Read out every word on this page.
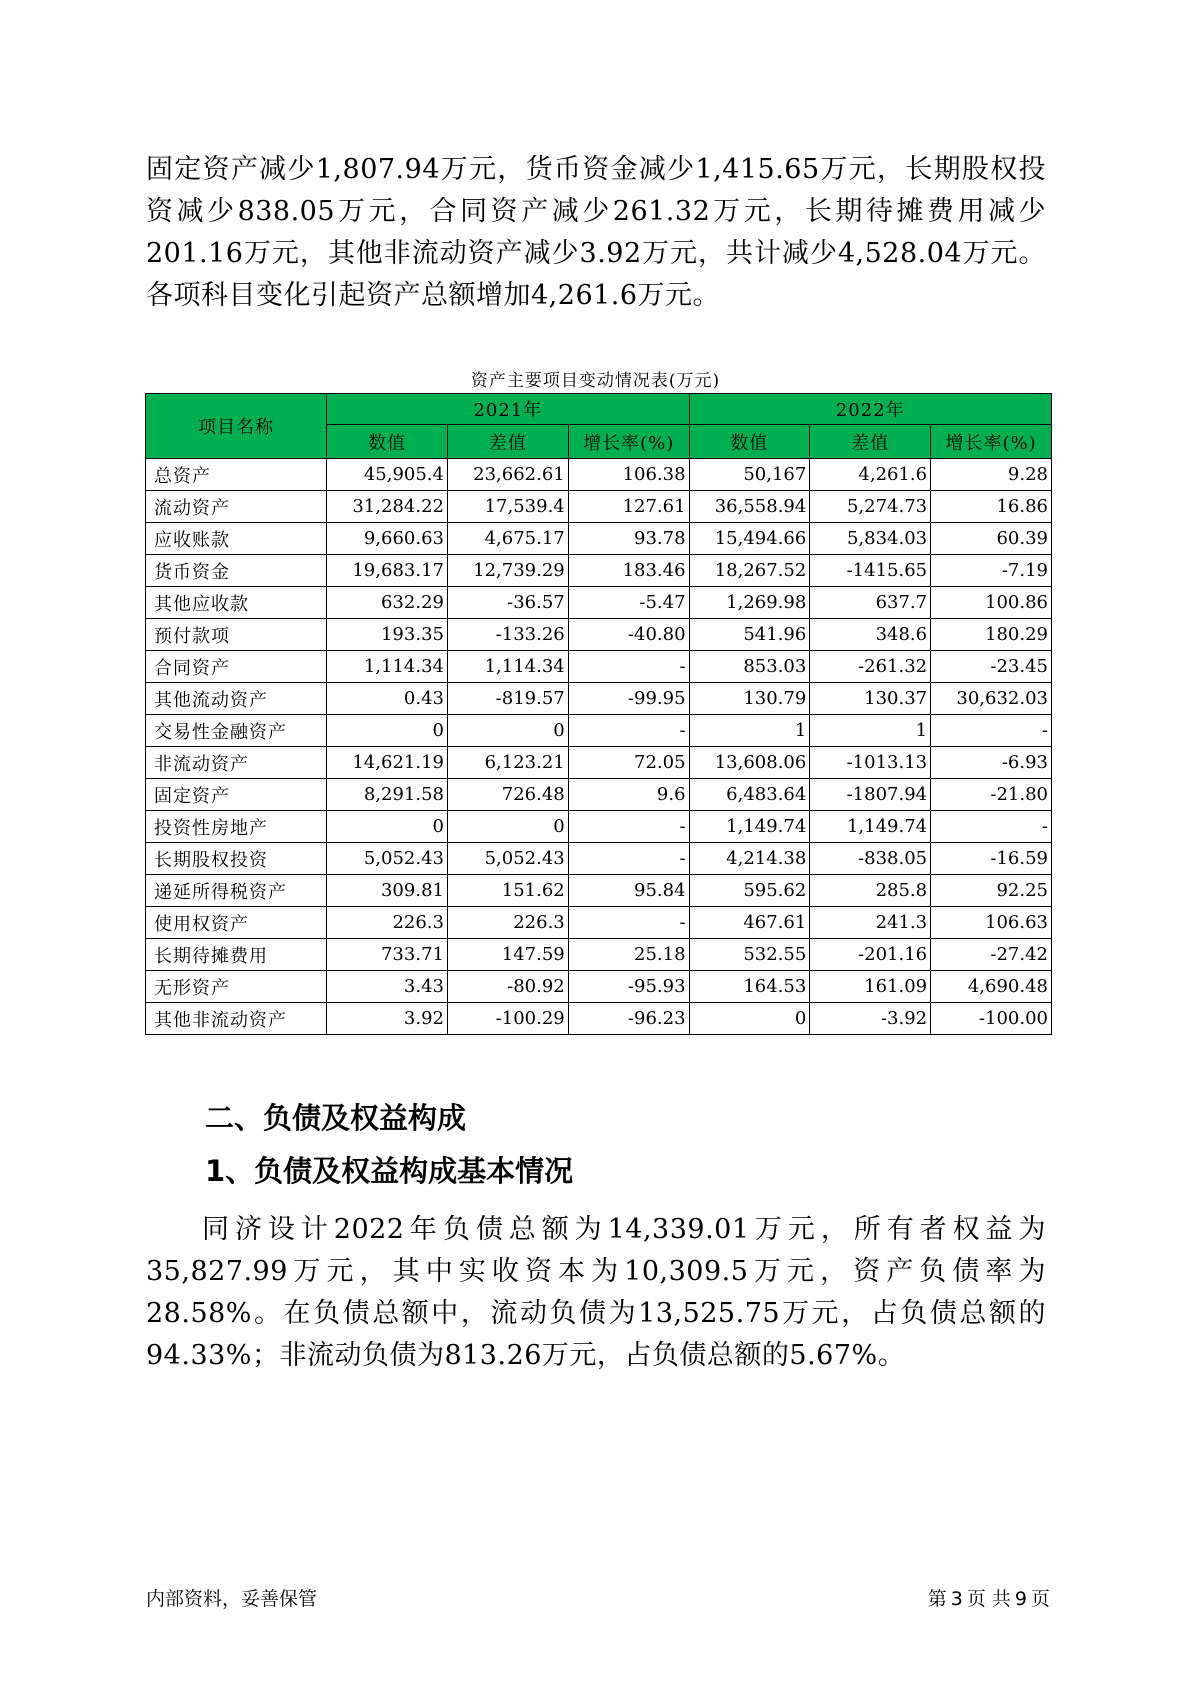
固定资产减少1,807.94万元，货币资金减少1,415.65万元，长期股权投资减少838.05万元，合同资产减少261.32万元，长期待摊费用减少201.16万元，其他非流动资产减少3.92万元，共计减少4,528.04万元。各项科目变化引起资产总额增加4,261.6万元。

资产主要项目变动情况表(万元)
项目名称	2021年			2022年		
	数值	差值	增长率(%)	数值	差值	增长率(%)
总资产	45,905.4	23,662.61	106.38	50,167	4,261.6	9.28
流动资产	31,284.22	17,539.4	127.61	36,558.94	5,274.73	16.86
应收账款	9,660.63	4,675.17	93.78	15,494.66	5,834.03	60.39
货币资金	19,683.17	12,739.29	183.46	18,267.52	-1415.65	-7.19
其他应收款	632.29	-36.57	-5.47	1,269.98	637.7	100.86
预付款项	193.35	-133.26	-40.80	541.96	348.6	180.29
合同资产	1,114.34	1,114.34	-	853.03	-261.32	-23.45
其他流动资产	0.43	-819.57	-99.95	130.79	130.37	30,632.03
交易性金融资产	0	0	-	1	1	-
非流动资产	14,621.19	6,123.21	72.05	13,608.06	-1013.13	-6.93
固定资产	8,291.58	726.48	9.6	6,483.64	-1807.94	-21.80
投资性房地产	0	0	-	1,149.74	1,149.74	-
长期股权投资	5,052.43	5,052.43	-	4,214.38	-838.05	-16.59
递延所得税资产	309.81	151.62	95.84	595.62	285.8	92.25
使用权资产	226.3	226.3	-	467.61	241.3	106.63
长期待摊费用	733.71	147.59	25.18	532.55	-201.16	-27.42
无形资产	3.43	-80.92	-95.93	164.53	161.09	4,690.48
其他非流动资产	3.92	-100.29	-96.23	0	-3.92	-100.00
二、负债及权益构成
1、负债及权益构成基本情况

同济设计2022年负债总额为14,339.01万元，所有者权益为35,827.99万元，其中实收资本为10,309.5万元，资产负债率为28.58%。在负债总额中，流动负债为13,525.75万元，占负债总额的94.33%；非流动负债为813.26万元，占负债总额的5.67%。

内部资料，妥善保管	第 3 页 共 9 页
